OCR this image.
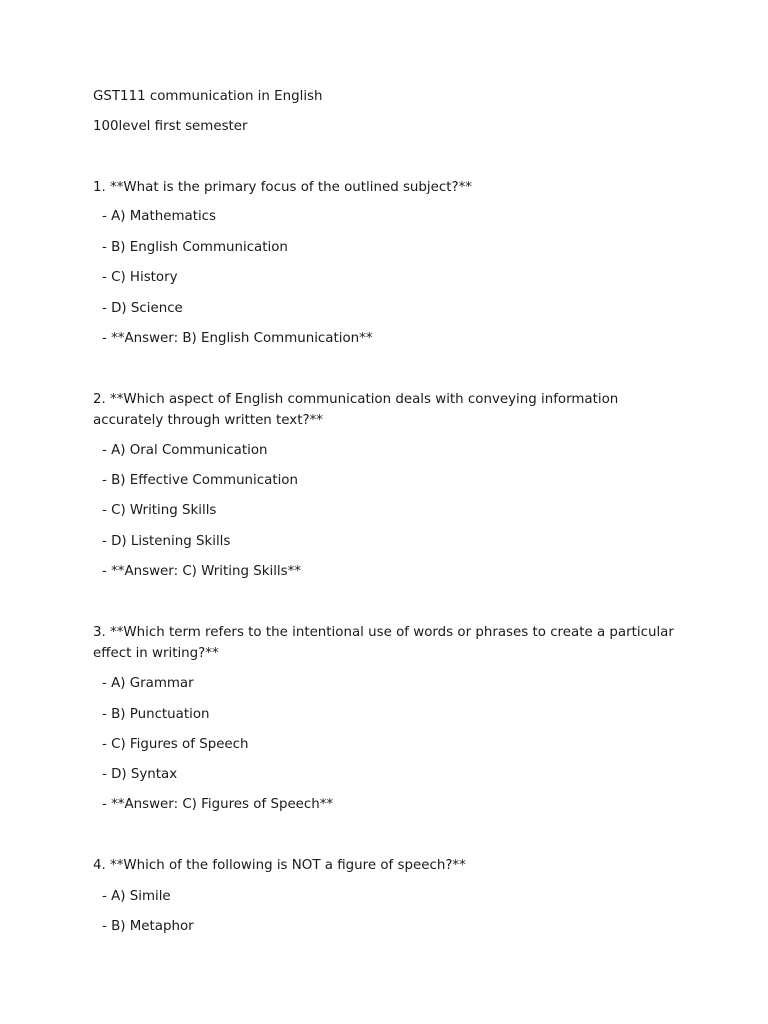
GST111 communication in English
100level first semester
1. **What is the primary focus of the outlined subject?**
- A) Mathematics
- B) English Communication
- C) History
- D) Science
- **Answer: B) English Communication**
2. **Which aspect of English communication deals with conveying information
accurately through written text?**
- A) Oral Communication
- B) Effective Communication
- C) Writing Skills
- D) Listening Skills
- **Answer: C) Writing Skills**
3. **Which term refers to the intentional use of words or phrases to create a particular
effect in writing?**
- A) Grammar
- B) Punctuation
- C) Figures of Speech
- D) Syntax
- **Answer: C) Figures of Speech**
4. **Which of the following is NOT a figure of speech?**
- A) Simile
- B) Metaphor
